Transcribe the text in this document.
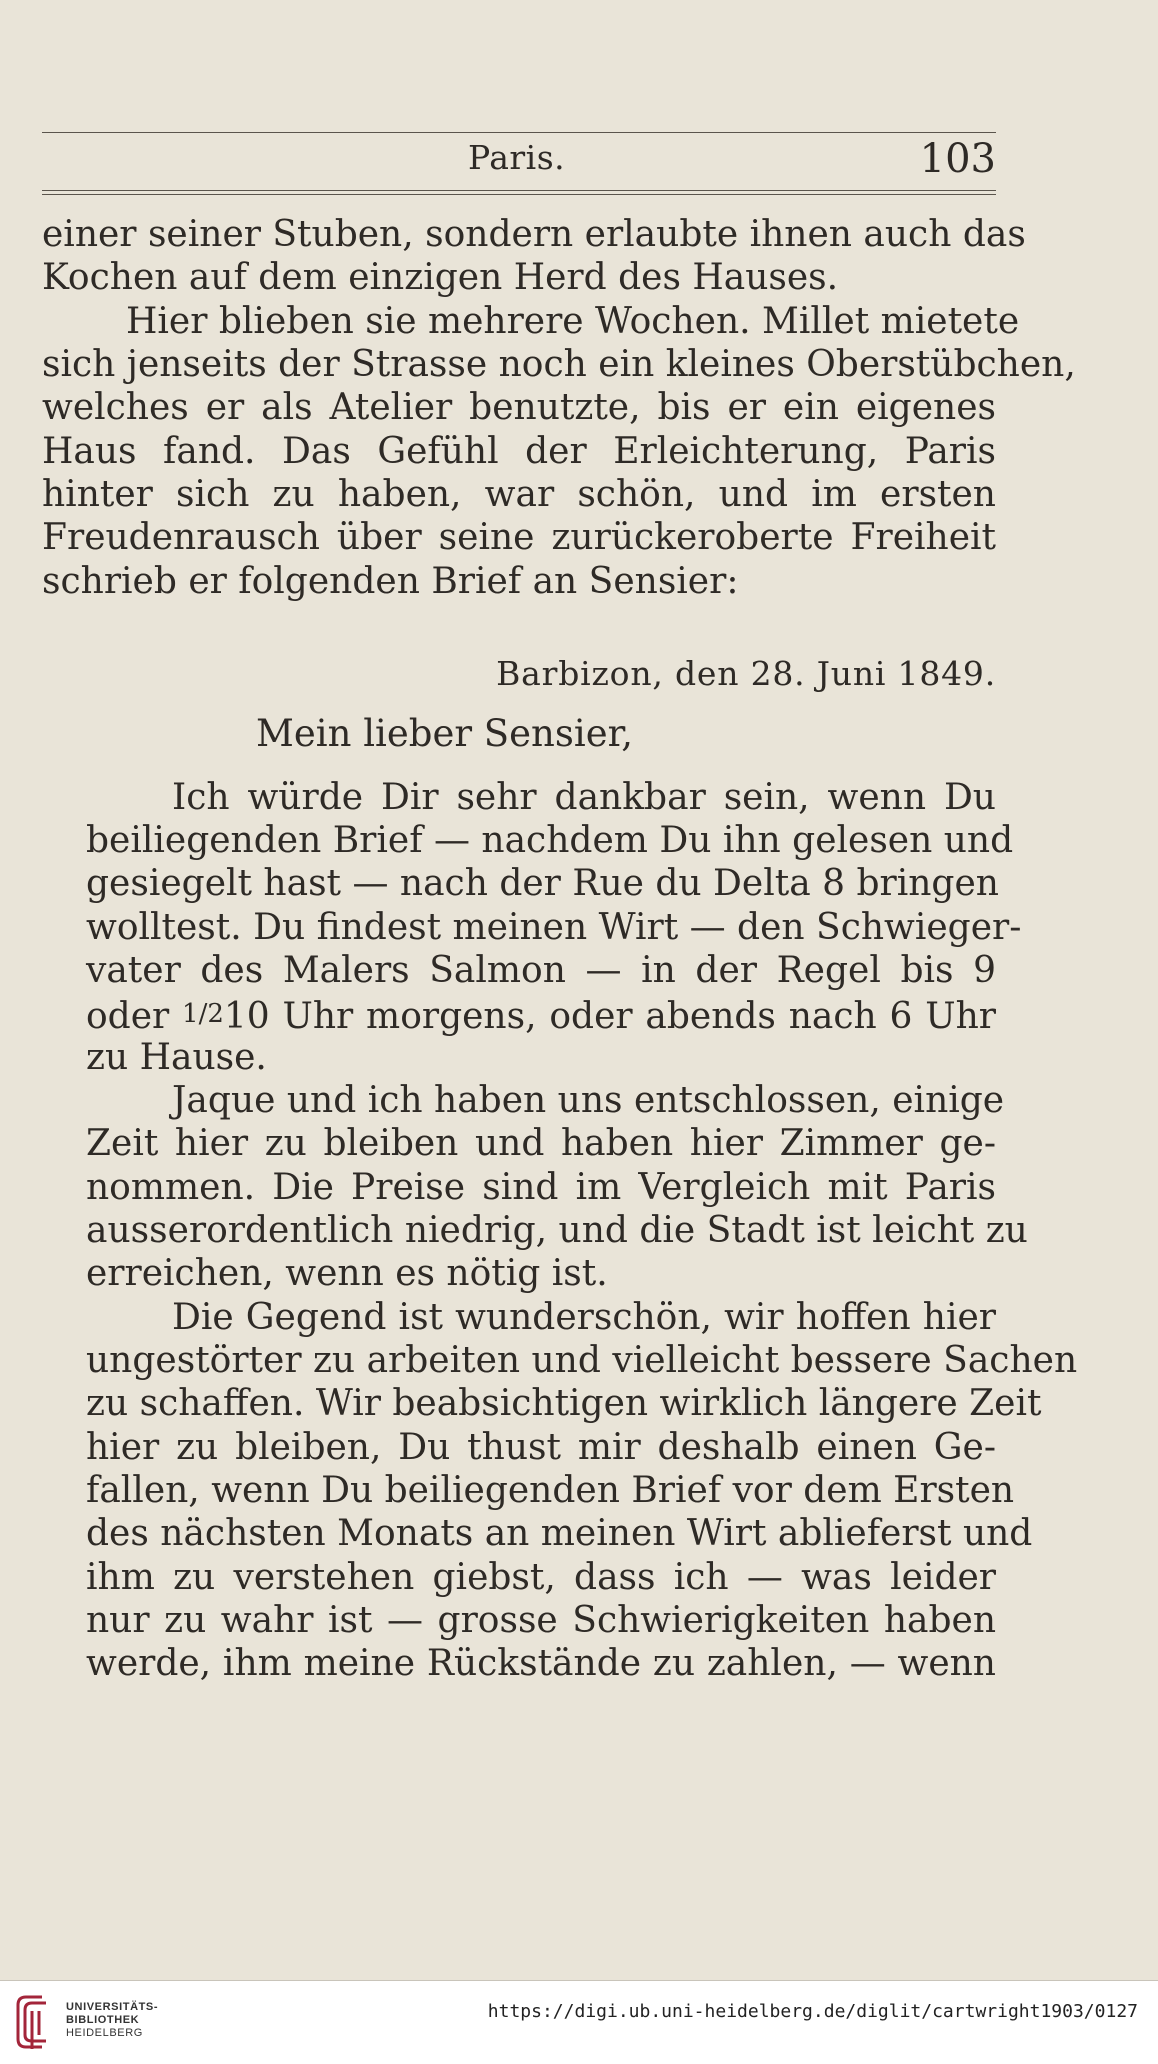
Paris.	103
einer seiner Stuben, sondern erlaubte ihnen auch das
Kochen auf dem einzigen Herd des Hauses.
Hier blieben sie mehrere Wochen. Millet mietete
sich jenseits der Strasse noch ein kleines Oberstübchen,
welches er als Atelier benutzte, bis er ein eigenes
Haus fand. Das Gefühl der Erleichterung, Paris
hinter sich zu haben, war schön, und im ersten
Freudenrausch über seine zurückeroberte Freiheit
schrieb er folgenden Brief an Sensier:
Barbizon, den 28. Juni 1849.
Mein lieber Sensier,
Ich würde Dir sehr dankbar sein, wenn Du
beiliegenden Brief — nachdem Du ihn gelesen und
gesiegelt hast — nach der Rue du Delta 8 bringen
wolltest. Du findest meinen Wirt — den Schwieger-
vater des Malers Salmon — in der Regel bis 9
oder 1/210 Uhr morgens, oder abends nach 6 Uhr
zu Hause.
Jaque und ich haben uns entschlossen, einige
Zeit hier zu bleiben und haben hier Zimmer ge-
nommen. Die Preise sind im Vergleich mit Paris
ausserordentlich niedrig, und die Stadt ist leicht zu
erreichen, wenn es nötig ist.
Die Gegend ist wunderschön, wir hoffen hier
ungestörter zu arbeiten und vielleicht bessere Sachen
zu schaffen. Wir beabsichtigen wirklich längere Zeit
hier zu bleiben, Du thust mir deshalb einen Ge-
fallen, wenn Du beiliegenden Brief vor dem Ersten
des nächsten Monats an meinen Wirt ablieferst und
ihm zu verstehen giebst, dass ich — was leider
nur zu wahr ist — grosse Schwierigkeiten haben
werde, ihm meine Rückstände zu zahlen, — wenn
UNIVERSITÄTS-
BIBLIOTHEK
HEIDELBERG
https://digi.ub.uni-heidelberg.de/diglit/cartwright1903/0127
